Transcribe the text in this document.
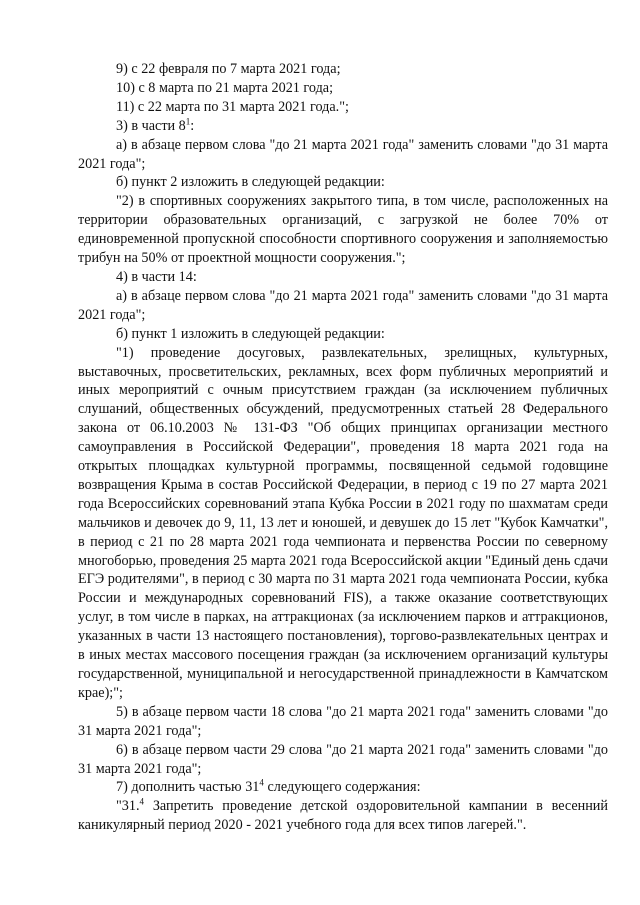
9) с 22 февраля по 7 марта 2021 года;

10) с 8 марта по 21 марта 2021 года;

11) с 22 марта по 31 марта 2021 года.";

3) в части $8^1$:

а) в абзаце первом слова "до 21 марта 2021 года" заменить словами "до 31 марта 2021 года";

б) пункт 2 изложить в следующей редакции:

"2) в спортивных сооружениях закрытого типа, в том числе, расположенных на территории образовательных организаций, с загрузкой не более 70% от единовременной пропускной способности спортивного сооружения и заполняемостью трибун на 50% от проектной мощности сооружения.";

4) в части 14:

а) в абзаце первом слова "до 21 марта 2021 года" заменить словами "до 31 марта 2021 года";

б) пункт 1 изложить в следующей редакции:

"1) проведение досуговых, развлекательных, зрелищных, культурных, выставочных, просветительских, рекламных, всех форм публичных мероприятий и иных мероприятий с очным присутствием граждан (за исключением публичных слушаний, общественных обсуждений, предусмотренных статьей 28 Федерального закона от 06.10.2003 № 131-ФЗ "Об общих принципах организации местного самоуправления в Российской Федерации", проведения 18 марта 2021 года на открытых площадках культурной программы, посвященной седьмой годовщине возвращения Крыма в состав Российской Федерации, в период с 19 по 27 марта 2021 года Всероссийских соревнований этапа Кубка России в 2021 году по шахматам среди мальчиков и девочек до 9, 11, 13 лет и юношей, и девушек до 15 лет "Кубок Камчатки", в период с 21 по 28 марта 2021 года чемпионата и первенства России по северному многоборью, проведения 25 марта 2021 года Всероссийской акции "Единый день сдачи ЕГЭ родителями", в период с 30 марта по 31 марта 2021 года чемпионата России, кубка России и международных соревнований FIS), а также оказание соответствующих услуг, в том числе в парках, на аттракционах (за исключением парков и аттракционов, указанных в части 13 настоящего постановления), торгово-развлекательных центрах и в иных местах массового посещения граждан (за исключением организаций культуры государственной, муниципальной и негосударственной принадлежности в Камчатском крае);";

5) в абзаце первом части 18 слова "до 21 марта 2021 года" заменить словами "до 31 марта 2021 года";

6) в абзаце первом части 29 слова "до 21 марта 2021 года" заменить словами "до 31 марта 2021 года";

7) дополнить частью $31^4$ следующего содержания:

"31.$^4$ Запретить проведение детской оздоровительной кампании в весенний каникулярный период 2020 - 2021 учебного года для всех типов лагерей.".
